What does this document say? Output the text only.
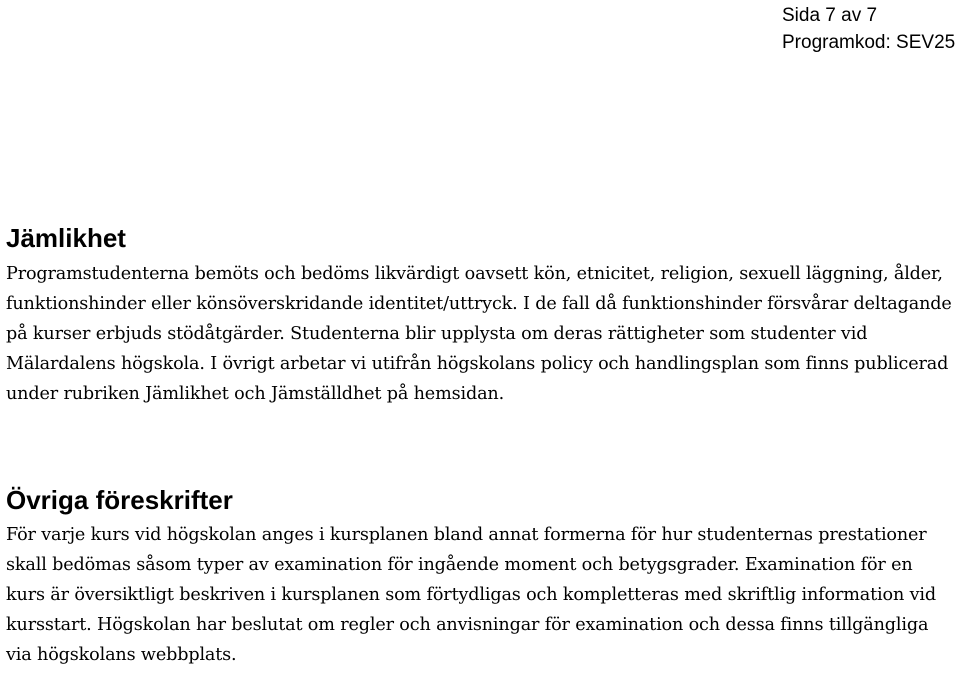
Sida 7 av 7
Programkod: SEV25
Jämlikhet

Programstudenterna bemöts och bedöms likvärdigt oavsett kön, etnicitet, religion, sexuell läggning, ålder, funktionshinder eller könsöverskridande identitet/uttryck. I de fall då funktionshinder försvårar deltagande på kurser erbjuds stödåtgärder. Studenterna blir upplysta om deras rättigheter som studenter vid Mälardalens högskola. I övrigt arbetar vi utifrån högskolans policy och handlingsplan som finns publicerad under rubriken Jämlikhet och Jämställdhet på hemsidan.

Övriga föreskrifter

För varje kurs vid högskolan anges i kursplanen bland annat formerna för hur studenternas prestationer skall bedömas såsom typer av examination för ingående moment och betygsgrader. Examination för en kurs är översiktligt beskriven i kursplanen som förtydligas och kompletteras med skriftlig information vid kursstart. Högskolan har beslutat om regler och anvisningar för examination och dessa finns tillgängliga via högskolans webbplats.
